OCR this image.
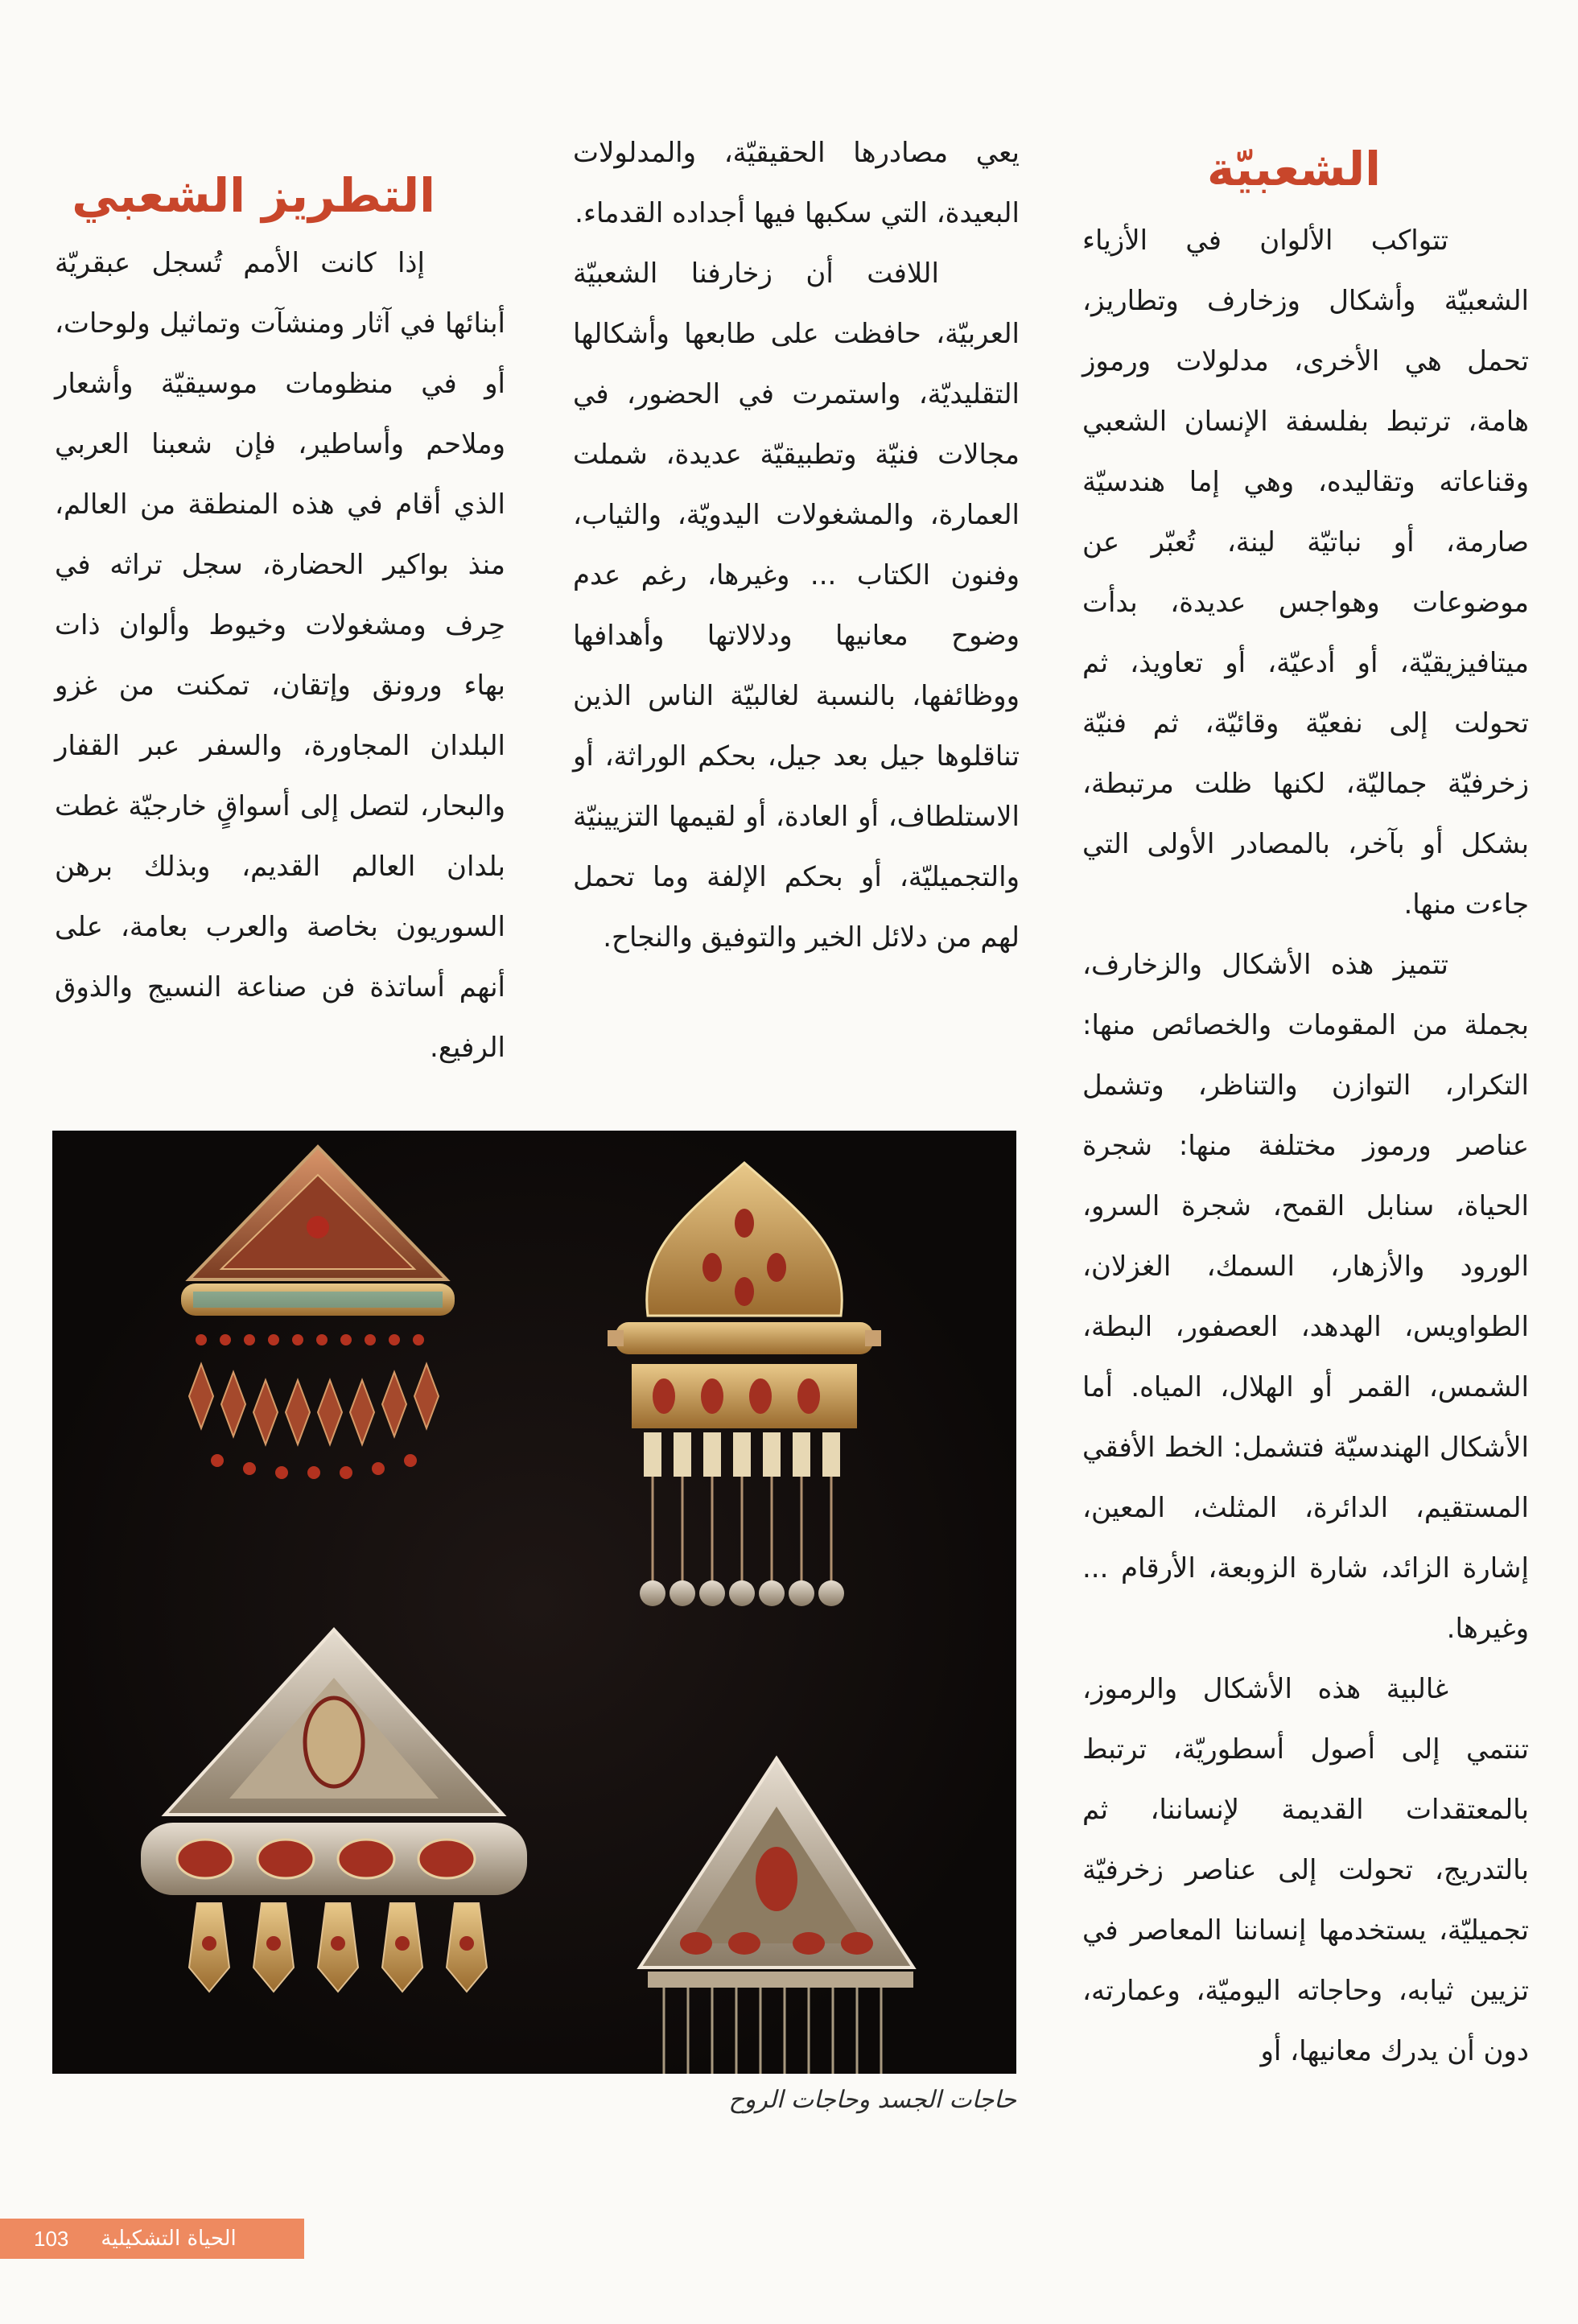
الشعبيّة

تتواكب الألوان في الأزياء الشعبيّة وأشكال وزخارف وتطاريز، تحمل هي الأخرى، مدلولات ورموز هامة، ترتبط بفلسفة الإنسان الشعبي وقناعاته وتقاليده، وهي إما هندسيّة صارمة، أو نباتيّة لينة، تُعبّر عن موضوعات وهواجس عديدة، بدأت ميتافيزيقيّة، أو أدعيّة، أو تعاويذ، ثم تحولت إلى نفعيّة وقائيّة، ثم فنيّة زخرفيّة جماليّة، لكنها ظلت مرتبطة، بشكل أو بآخر، بالمصادر الأولى التي جاءت منها.

تتميز هذه الأشكال والزخارف، بجملة من المقومات والخصائص منها: التكرار، التوازن والتناظر، وتشمل عناصر ورموز مختلفة منها: شجرة الحياة، سنابل القمح، شجرة السرو، الورود والأزهار، السمك، الغزلان، الطواويس، الهدهد، العصفور، البطة، الشمس، القمر أو الهلال، المياه. أما الأشكال الهندسيّة فتشمل: الخط الأفقي المستقيم، الدائرة، المثلث، المعين، إشارة الزائد، شارة الزوبعة، الأرقام ... وغيرها.

غالبية هذه الأشكال والرموز، تنتمي إلى أصول أسطوريّة، ترتبط بالمعتقدات القديمة لإنساننا، ثم بالتدريج، تحولت إلى عناصر زخرفيّة تجميليّة، يستخدمها إنساننا المعاصر في تزيين ثيابه، وحاجاته اليوميّة، وعمارته، دون أن يدرك معانيها، أو

يعي مصادرها الحقيقيّة، والمدلولات البعيدة، التي سكبها فيها أجداده القدماء.

اللافت أن زخارفنا الشعبيّة العربيّة، حافظت على طابعها وأشكالها التقليديّة، واستمرت في الحضور، في مجالات فنيّة وتطبيقيّة عديدة، شملت العمارة، والمشغولات اليدويّة، والثياب، وفنون الكتاب ... وغيرها، رغم عدم وضوح معانيها ودلالاتها وأهدافها ووظائفها، بالنسبة لغالبيّة الناس الذين تناقلوها جيل بعد جيل، بحكم الوراثة، أو الاستلطاف، أو العادة، أو لقيمها التزيينيّة والتجميليّة، أو بحكم الإلفة وما تحمل لهم من دلائل الخير والتوفيق والنجاح.

التطريز الشعبي

إذا كانت الأمم تُسجل عبقريّة أبنائها في آثار ومنشآت وتماثيل ولوحات، أو في منظومات موسيقيّة وأشعار وملاحم وأساطير، فإن شعبنا العربي الذي أقام في هذه المنطقة من العالم، منذ بواكير الحضارة، سجل تراثه في حِرف ومشغولات وخيوط وألوان ذات بهاء ورونق وإتقان، تمكنت من غزو البلدان المجاورة، والسفر عبر القفار والبحار، لتصل إلى أسواقٍ خارجيّة غطت بلدان العالم القديم، وبذلك برهن السوريون بخاصة والعرب بعامة، على أنهم أساتذة فن صناعة النسيج والذوق الرفيع.

حاجات الجسد وحاجات الروح
103 الحياة التشكيلية
